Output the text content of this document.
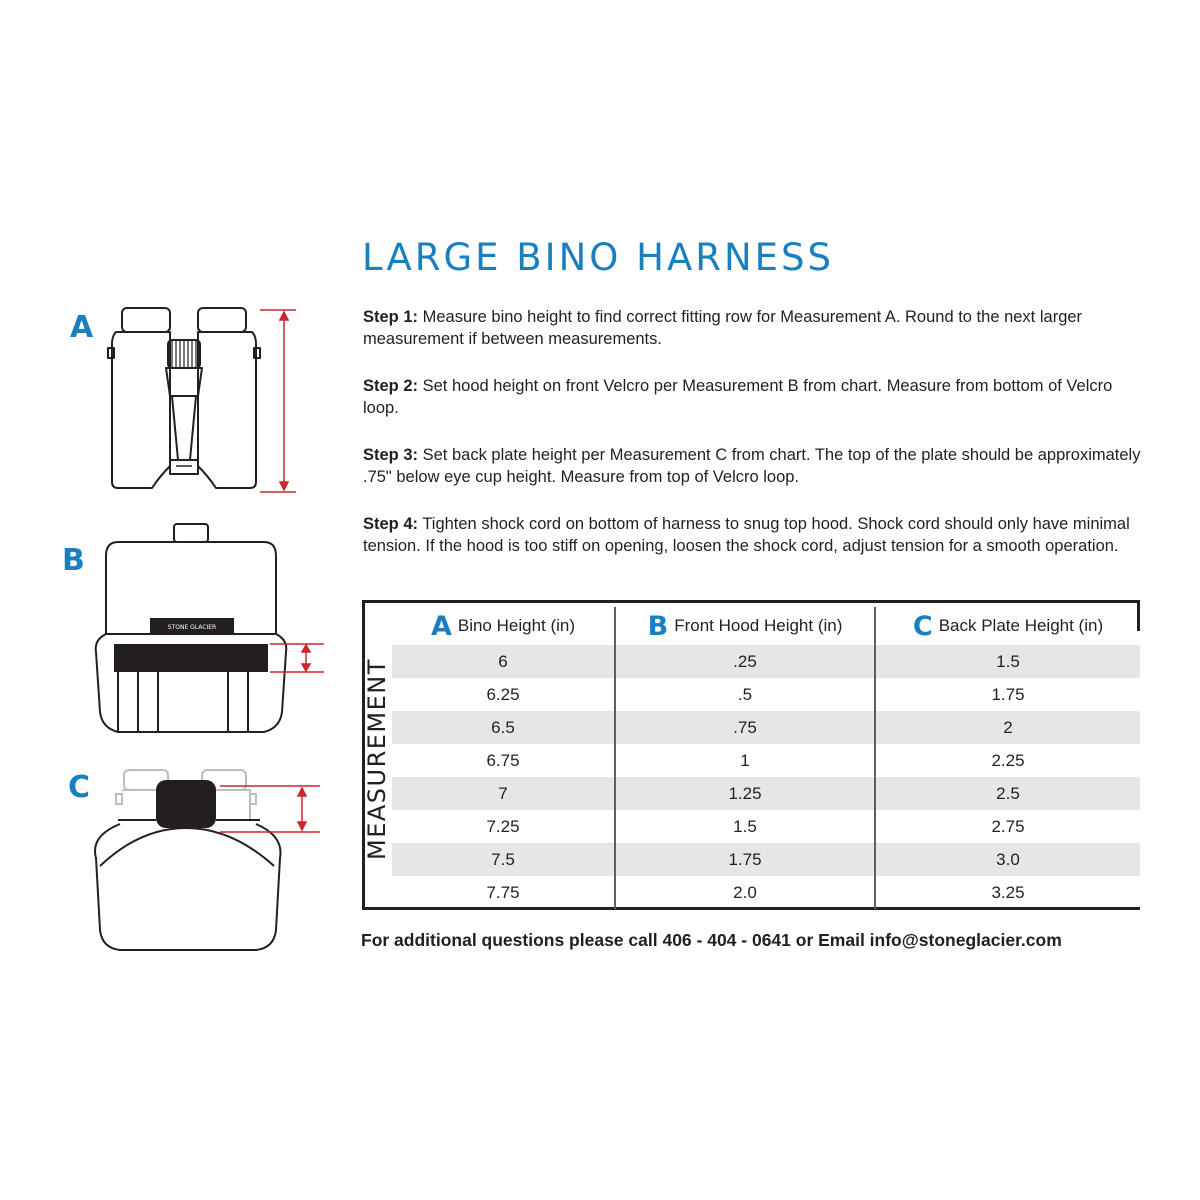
LARGE BINO HARNESS

Step 1: Measure bino height to find correct fitting row for Measurement A. Round to the next larger measurement if between measurements.

Step 2: Set hood height on front Velcro per Measurement B from chart. Measure from bottom of Velcro loop.

Step 3: Set back plate height per Measurement C from chart. The top of the plate should be approximately .75" below eye cup height. Measure from top of Velcro loop.

Step 4: Tighten shock cord on bottom of harness to snug top hood. Shock cord should only have minimal tension. If the hood is too stiff on opening, loosen the shock cord, adjust tension for a smooth operation.

A
B
C
STONE GLACIER
MEASUREMENT
A Bino Height (in)	B Front Hood Height (in)	C Back Plate Height (in)
6	.25	1.5
6.25	.5	1.75
6.5	.75	2
6.75	1	2.25
7	1.25	2.5
7.25	1.5	2.75
7.5	1.75	3.0
7.75	2.0	3.25
For additional questions please call 406 - 404 - 0641 or Email info@stoneglacier.com
